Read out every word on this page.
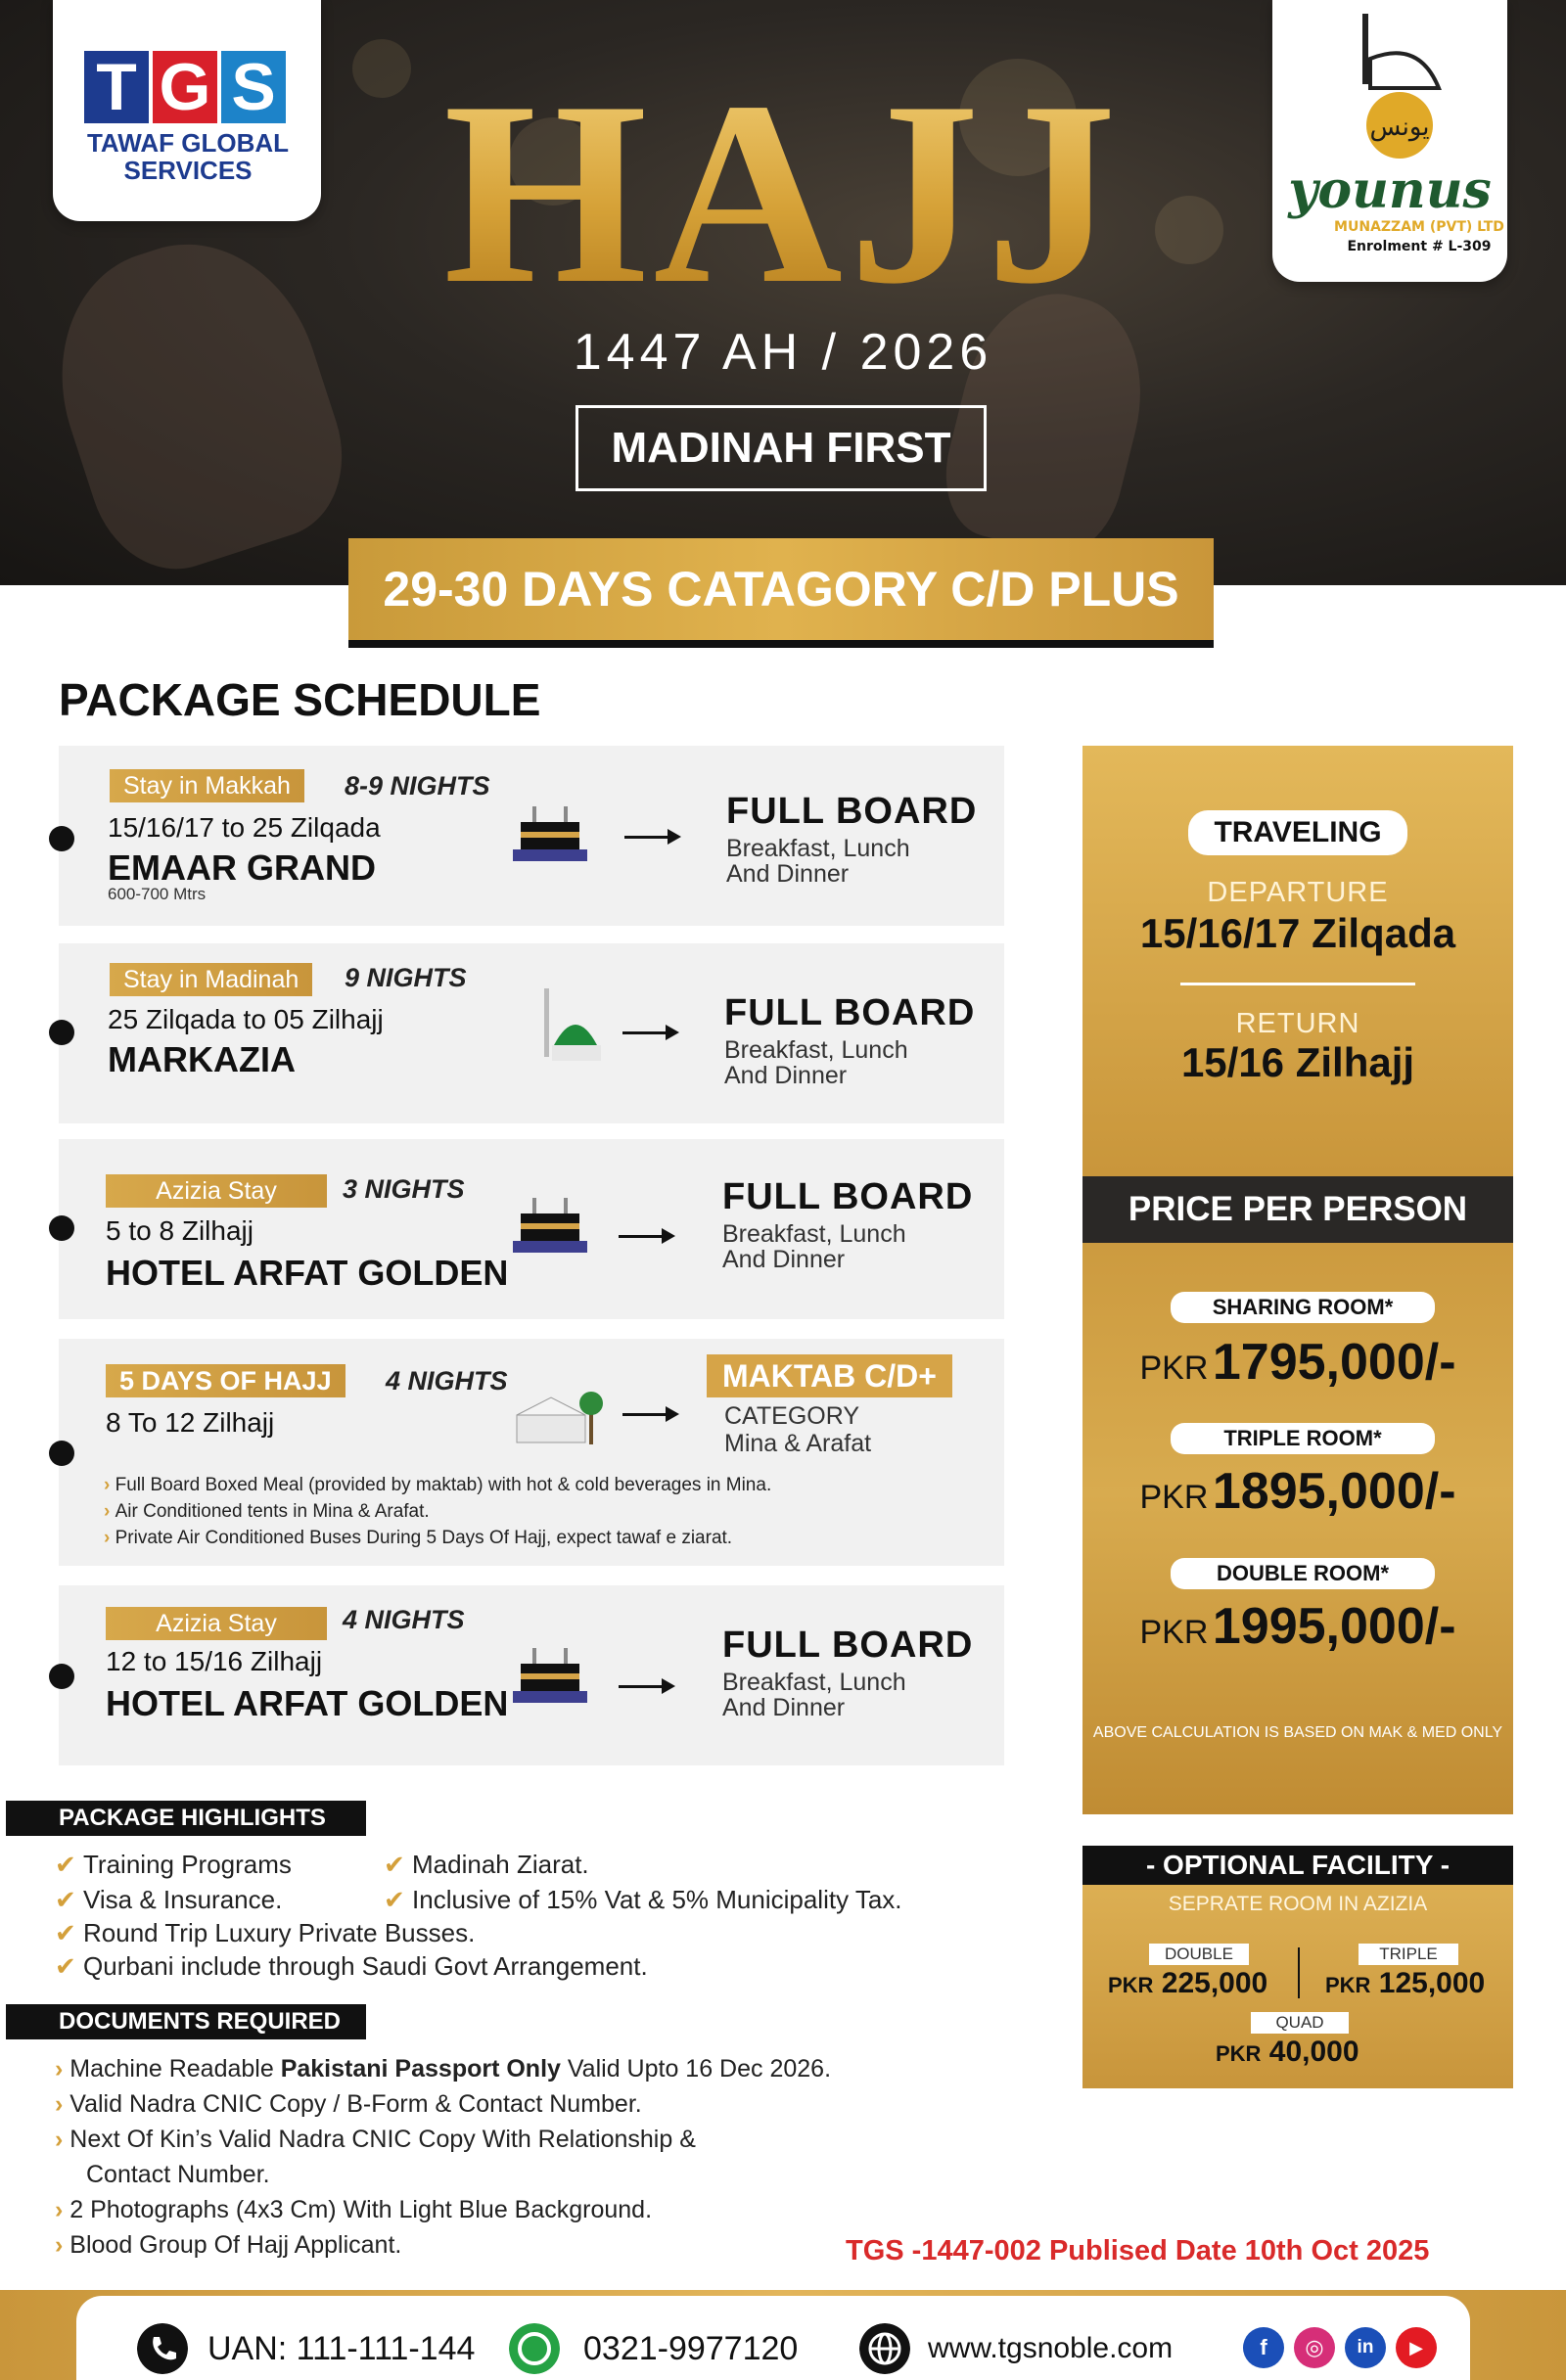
HAJJ
1447 AH / 2026
MADINAH FIRST
T G S
TAWAF GLOBAL
SERVICES
يونس
younus
MUNAZZAM (PVT) LTD
Enrolment # L-309
29-30 DAYS CATAGORY C/D PLUS
PACKAGE SCHEDULE
Stay in Makkah	8-9 NIGHTS
15/16/17 to 25 Zilqada
EMAAR GRAND
600-700 Mtrs
FULL BOARD
Breakfast, Lunch
And Dinner
Stay in Madinah	9 NIGHTS
25 Zilqada to 05 Zilhajj
MARKAZIA
FULL BOARD
Breakfast, Lunch
And Dinner
Azizia Stay	3 NIGHTS
5 to 8 Zilhajj
HOTEL ARFAT GOLDEN
FULL BOARD
Breakfast, Lunch
And Dinner
5 DAYS OF HAJJ	4 NIGHTS
8 To 12 Zilhajj
MAKTAB C/D+
CATEGORY
Mina & Arafat
› Full Board Boxed Meal (provided by maktab) with hot & cold beverages in Mina.
› Air Conditioned tents in Mina & Arafat.
› Private Air Conditioned Buses During 5 Days Of Hajj, expect tawaf e ziarat.
Azizia Stay	4 NIGHTS
12 to 15/16 Zilhajj
HOTEL ARFAT GOLDEN
FULL BOARD
Breakfast, Lunch
And Dinner
TRAVELING
DEPARTURE
15/16/17 Zilqada
RETURN
15/16 Zilhajj
PRICE PER PERSON
SHARING ROOM*
PKR 1795,000/-
TRIPLE ROOM*
PKR 1895,000/-
DOUBLE ROOM*
PKR 1995,000/-
ABOVE CALCULATION IS BASED ON MAK & MED ONLY
- OPTIONAL FACILITY -
SEPRATE ROOM IN AZIZIA
DOUBLE
PKR 225,000
TRIPLE
PKR 125,000
QUAD
PKR 40,000
PACKAGE HIGHLIGHTS
✔ Training Programs	✔ Madinah Ziarat.
✔ Visa & Insurance.	✔ Inclusive of 15% Vat & 5% Municipality Tax.
✔ Round Trip Luxury Private Busses.
✔ Qurbani include through Saudi Govt Arrangement.
DOCUMENTS REQUIRED
› Machine Readable Pakistani Passport Only Valid Upto 16 Dec 2026.
› Valid Nadra CNIC Copy / B-Form & Contact Number.
› Next Of Kin’s Valid Nadra CNIC Copy With Relationship &
Contact Number.
› 2 Photographs (4x3 Cm) With Light Blue Background.
› Blood Group Of Hajj Applicant.	TGS -1447-002 Publised Date 10th Oct 2025
UAN: 111-111-144	0321-9977120	www.tgsnoble.com	f	◎	in	▶
